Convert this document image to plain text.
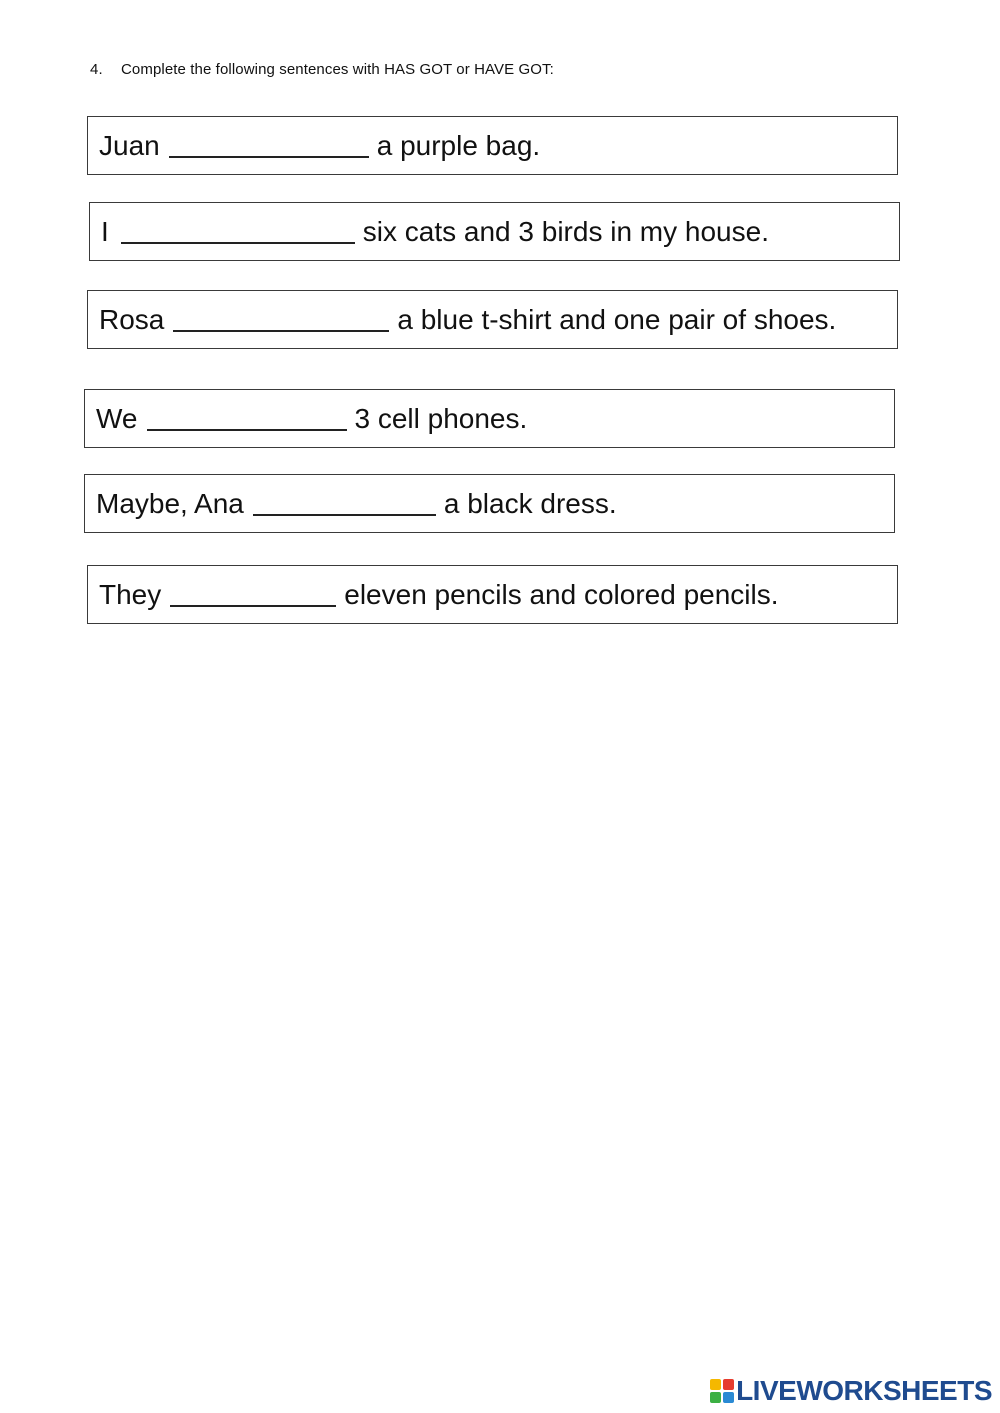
4. Complete the following sentences with HAS GOT or HAVE GOT:
Juan	a purple bag.
I	six cats and 3 birds in my house.
Rosa	a blue t-shirt and one pair of shoes.
We	3 cell phones.
Maybe, Ana	a black dress.
They	eleven pencils and colored pencils.
LIVEWORKSHEETS
